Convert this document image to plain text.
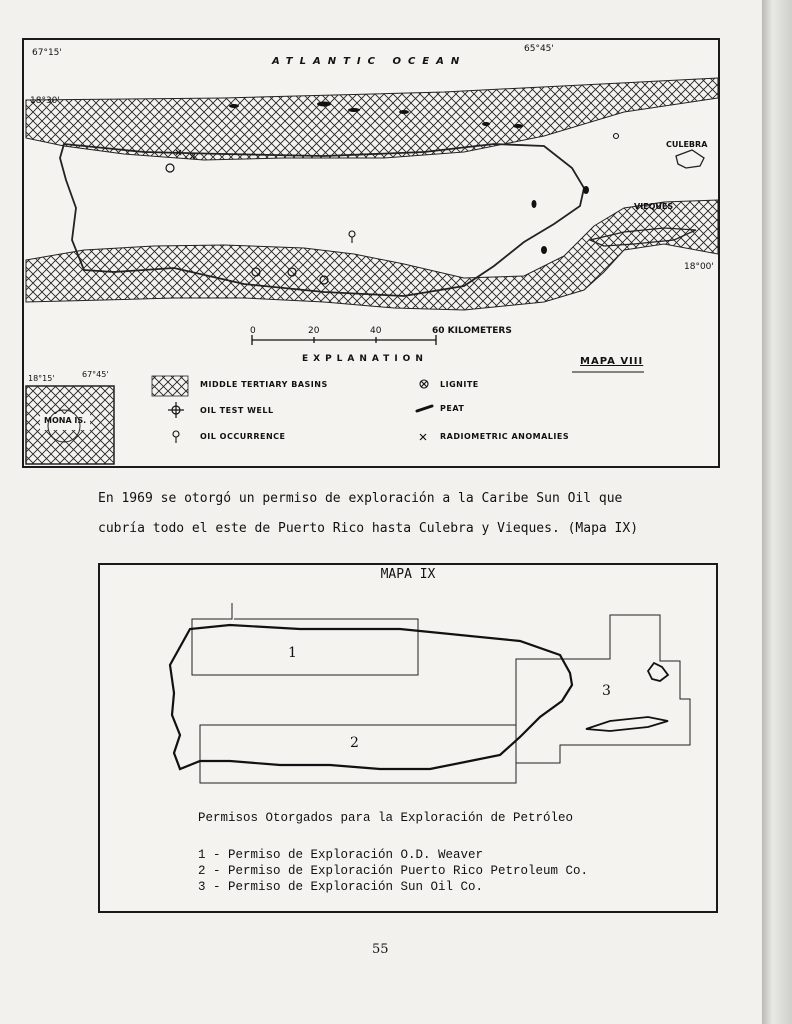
67°15'	65°45'
18°30'
18°00'
ATLANTIC OCEAN
CULEBRA
VIEQUES
0	20	40	60 KILOMETERS
EXPLANATION	MAPA VIII
18°15'	67°45'
MONA IS.
MIDDLE TERTIARY BASINS
OIL TEST WELL
OIL OCCURRENCE
LIGNITE
PEAT
RADIOMETRIC ANOMALIES
En 1969 se otorgó un permiso de exploración a la Caribe Sun Oil que
cubría todo el este de Puerto Rico hasta Culebra y Vieques. (Mapa IX)
MAPA IX
1
2
3
Permisos Otorgados para la Exploración de Petróleo
1 - Permiso de Exploración O.D. Weaver
2 - Permiso de Exploración Puerto Rico Petroleum Co.
3 - Permiso de Exploración Sun Oil Co.
55
